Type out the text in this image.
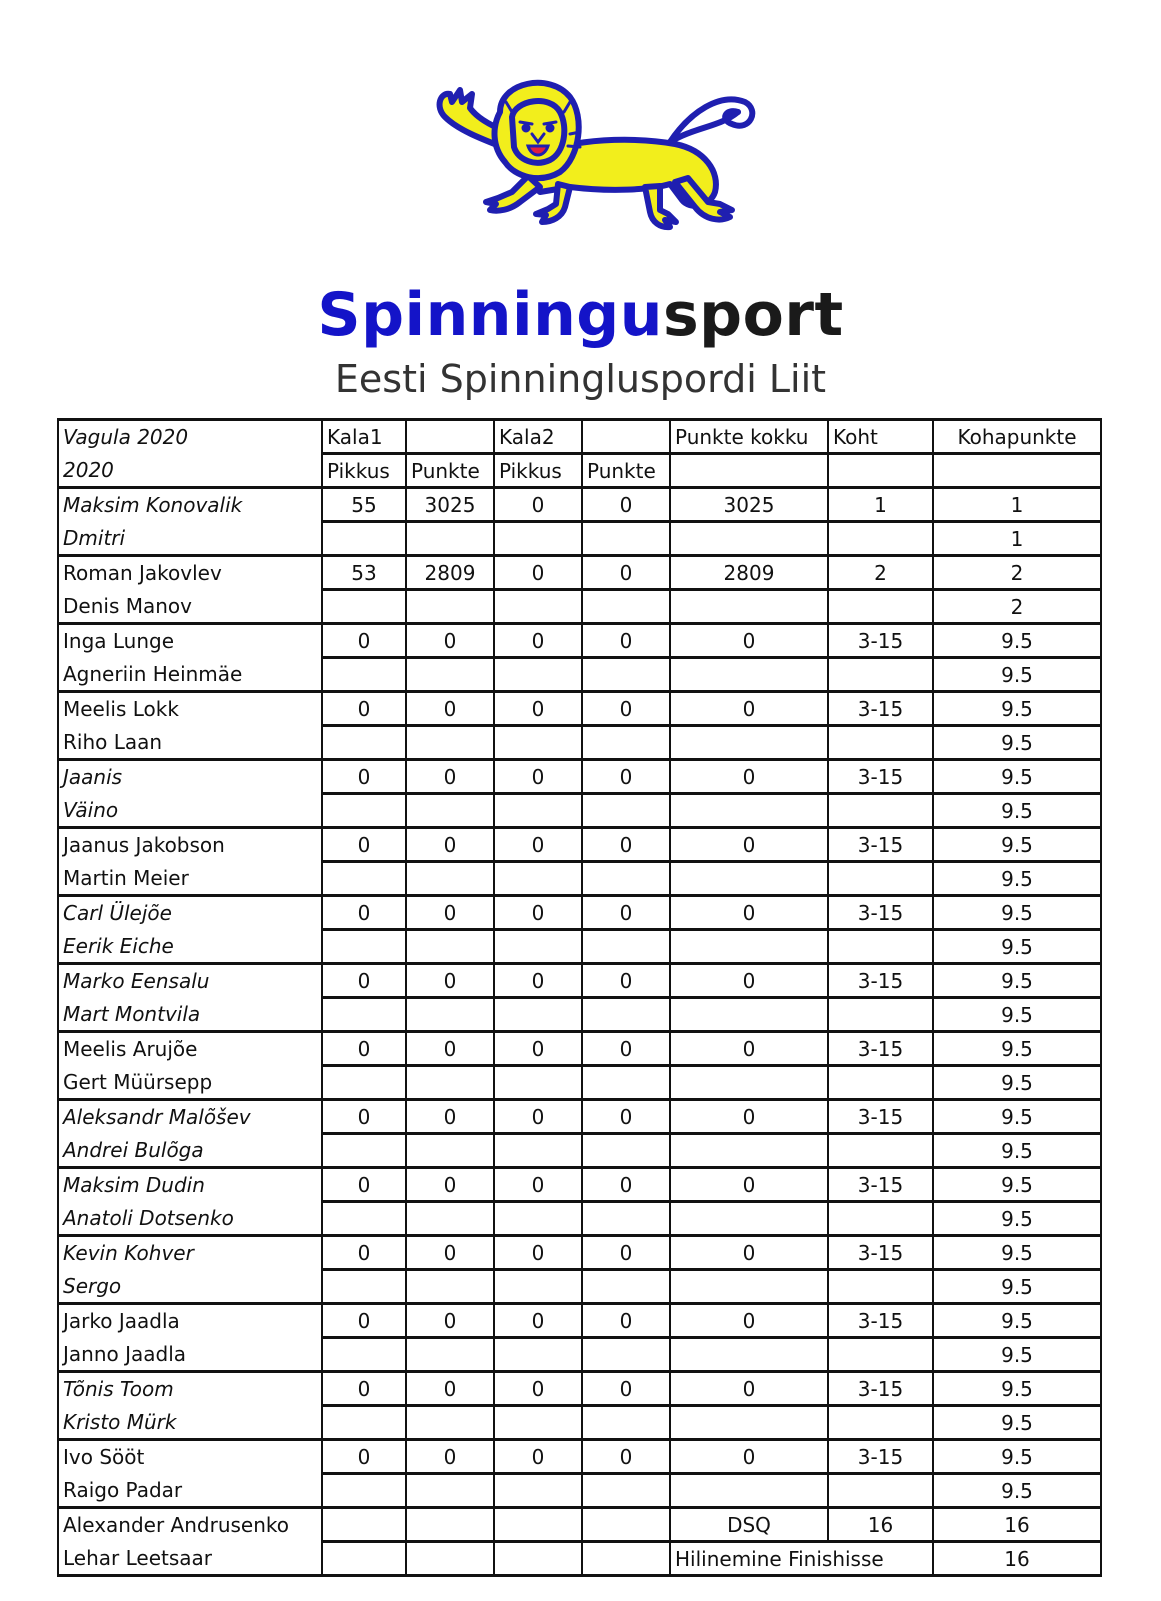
Spinningusport
Eesti Spinningluspordi Liit
Vagula 2020	Kala1		Kala2		Punkte kokku	Koht	Kohapunkte
2020	Pikkus	Punkte	Pikkus	Punkte			
Maksim Konovalik	55	3025	0	0	3025	1	1
Dmitri							1
Roman Jakovlev	53	2809	0	0	2809	2	2
Denis Manov							2
Inga Lunge	0	0	0	0	0	3-15	9.5
Agneriin Heinmäe							9.5
Meelis Lokk	0	0	0	0	0	3-15	9.5
Riho Laan							9.5
Jaanis	0	0	0	0	0	3-15	9.5
Väino							9.5
Jaanus Jakobson	0	0	0	0	0	3-15	9.5
Martin Meier							9.5
Carl Ülejõe	0	0	0	0	0	3-15	9.5
Eerik Eiche							9.5
Marko Eensalu	0	0	0	0	0	3-15	9.5
Mart Montvila							9.5
Meelis Arujõe	0	0	0	0	0	3-15	9.5
Gert Müürsepp							9.5
Aleksandr Malõšev	0	0	0	0	0	3-15	9.5
Andrei Bulõga							9.5
Maksim Dudin	0	0	0	0	0	3-15	9.5
Anatoli Dotsenko							9.5
Kevin Kohver	0	0	0	0	0	3-15	9.5
Sergo							9.5
Jarko Jaadla	0	0	0	0	0	3-15	9.5
Janno Jaadla							9.5
Tõnis Toom	0	0	0	0	0	3-15	9.5
Kristo Mürk							9.5
Ivo Sööt	0	0	0	0	0	3-15	9.5
Raigo Padar							9.5
Alexander Andrusenko					DSQ	16	16
Lehar Leetsaar					Hilinemine Finishisse		16
